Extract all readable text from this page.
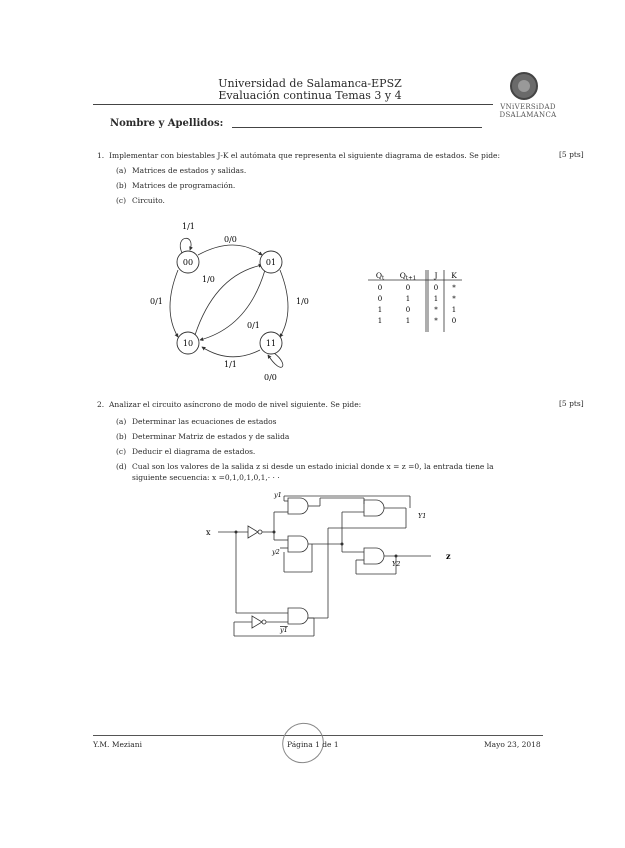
Universidad de Salamanca-EPSZ
Evaluación continua Temas 3 y 4
VNiVERSiDAD
DSALAMANCA
Nombre y Apellidos:
1. Implementar con biestables J-K el autómata que representa el siguiente diagrama de estados. Se pide:	[5 pts]
(a) Matrices de estados y salidas.
(b) Matrices de programación.
(c) Circuito.
00	01
10	11
1/1
0/0
1/0
0/1	1/0
0/1
1/1
0/0
$Q_t$ $Q_{t+1}$ J K
0	0	0 *
0	1	1 *
1	0	* 1
1	1	* 0
2. Analizar el circuito asíncrono de modo de nivel siguiente. Se pide:	[5 pts]
(a) Determinar las ecuaciones de estados
(b) Determinar Matriz de estados y de salida
(c) Deducir el diagrama de estados.
(d) Cual son los valores de la salida z si desde un estado inicial donde x = z =0, la entrada tiene la
siguiente secuencia: x =0,1,0,1,0,1,· · ·
x
z
y1
y2
Y1
Y2
y1
Y.M. Meziani	Página 1 de 1	Mayo 23, 2018
